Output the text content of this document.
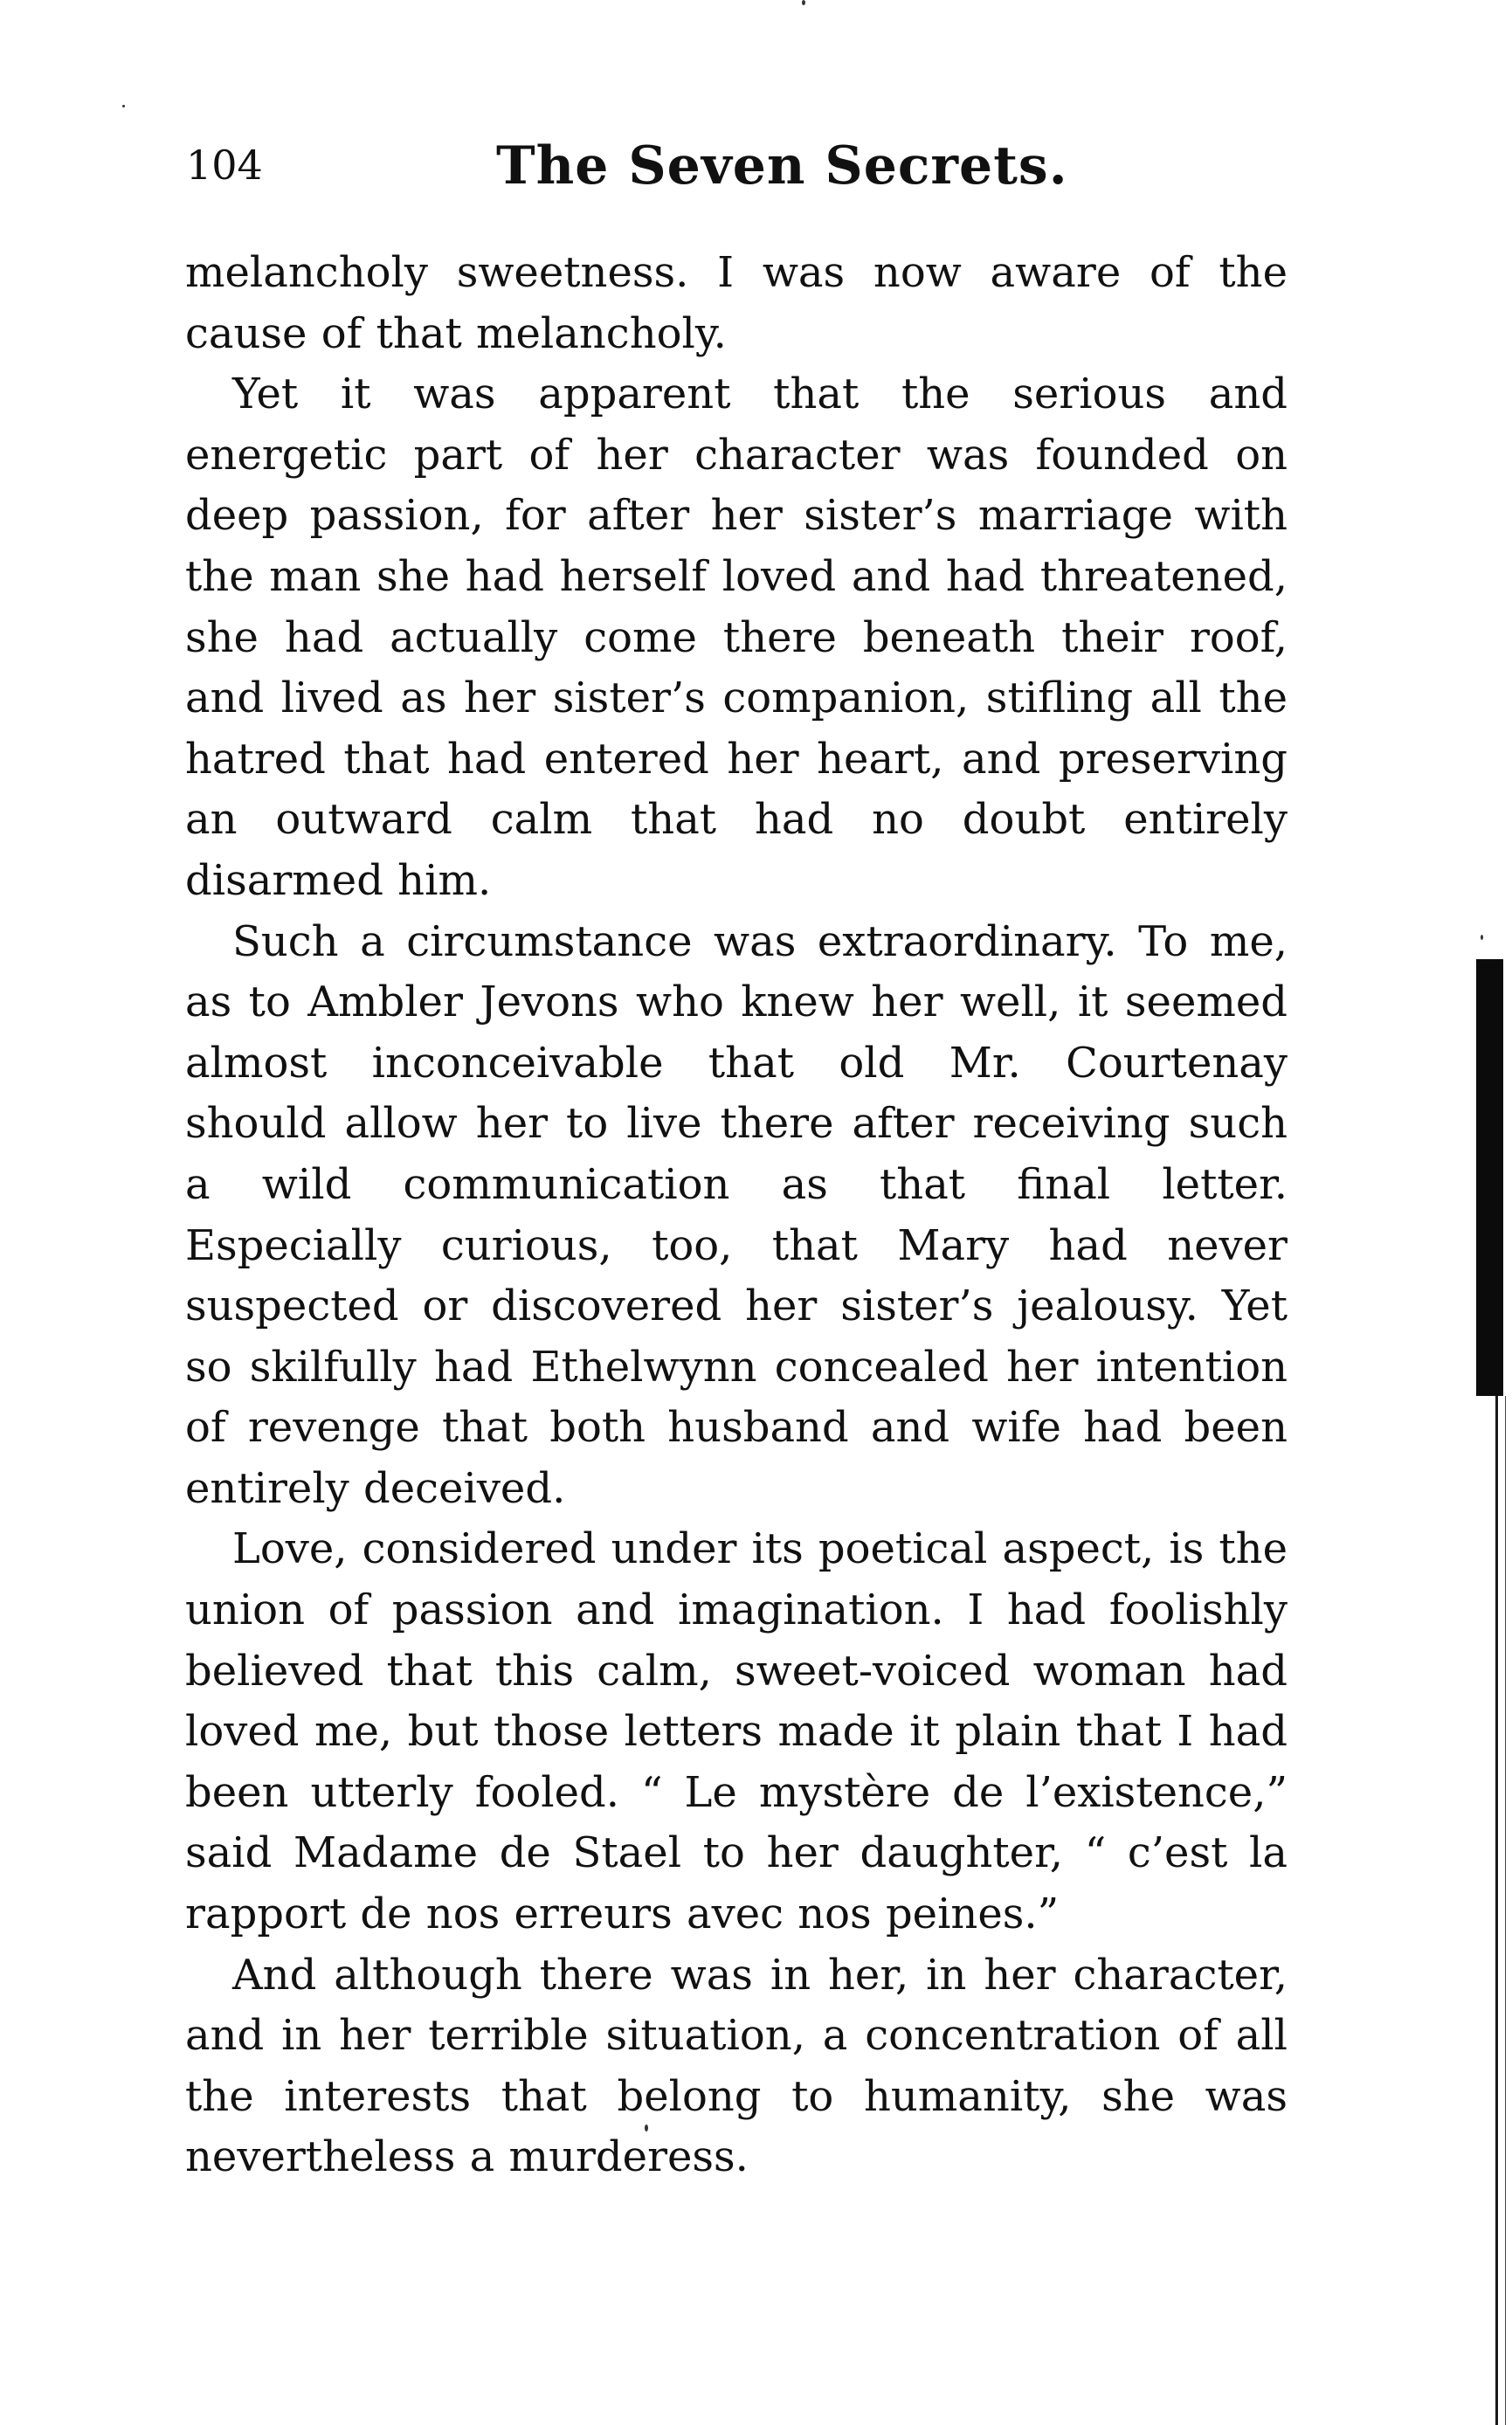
104	The Seven Secrets.

melancholy sweetness. I was now aware of the cause of that melancholy.

Yet it was apparent that the serious and energetic part of her character was founded on deep passion, for after her sister’s marriage with the man she had herself loved and had threatened, she had actually come there beneath their roof, and lived as her sister’s companion, stifling all the hatred that had entered her heart, and preserving an outward calm that had no doubt entirely disarmed him.

Such a circumstance was extraordinary. To me, as to Ambler Jevons who knew her well, it seemed almost inconceivable that old Mr. Courtenay should allow her to live there after receiving such a wild communication as that final letter. Especially curious, too, that Mary had never suspected or discovered her sister’s jealousy. Yet so skilfully had Ethelwynn concealed her intention of revenge that both husband and wife had been entirely deceived.

Love, considered under its poetical aspect, is the union of passion and imagination. I had foolishly believed that this calm, sweet-voiced woman had loved me, but those letters made it plain that I had been utterly fooled. “ Le mystère de l’existence,” said Madame de Stael to her daughter, “ c’est la rapport de nos erreurs avec nos peines.”

And although there was in her, in her character, and in her terrible situation, a concentration of all the interests that belong to humanity, she was nevertheless a murderess.
